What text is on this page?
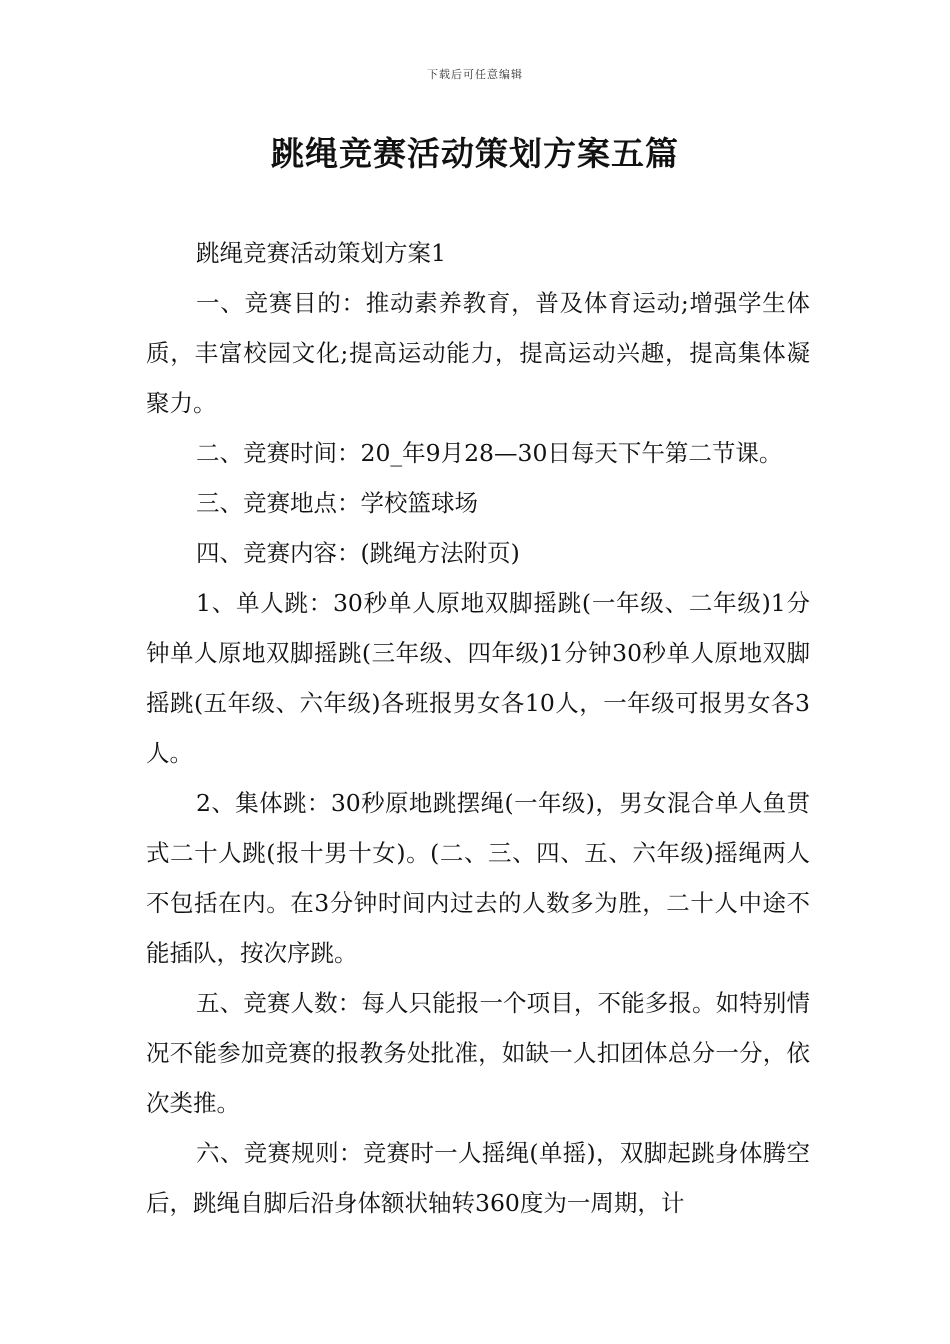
下载后可任意编辑
跳绳竞赛活动策划方案五篇

跳绳竞赛活动策划方案1

一、竞赛目的：推动素养教育，普及体育运动;增强学生体质，丰富校园文化;提高运动能力，提高运动兴趣，提高集体凝聚力。

二、竞赛时间：20_年9月28—30日每天下午第二节课。

三、竞赛地点：学校篮球场

四、竞赛内容：(跳绳方法附页)

1、单人跳：30秒单人原地双脚摇跳(一年级、二年级)1分钟单人原地双脚摇跳(三年级、四年级)1分钟30秒单人原地双脚摇跳(五年级、六年级)各班报男女各10人，一年级可报男女各3人。

2、集体跳：30秒原地跳摆绳(一年级)，男女混合单人鱼贯式二十人跳(报十男十女)。(二、三、四、五、六年级)摇绳两人不包括在内。在3分钟时间内过去的人数多为胜，二十人中途不能插队，按次序跳。

五、竞赛人数：每人只能报一个项目，不能多报。如特别情况不能参加竞赛的报教务处批准，如缺一人扣团体总分一分，依次类推。

六、竞赛规则：竞赛时一人摇绳(单摇)，双脚起跳身体腾空后，跳绳自脚后沿身体额状轴转360度为一周期，计
